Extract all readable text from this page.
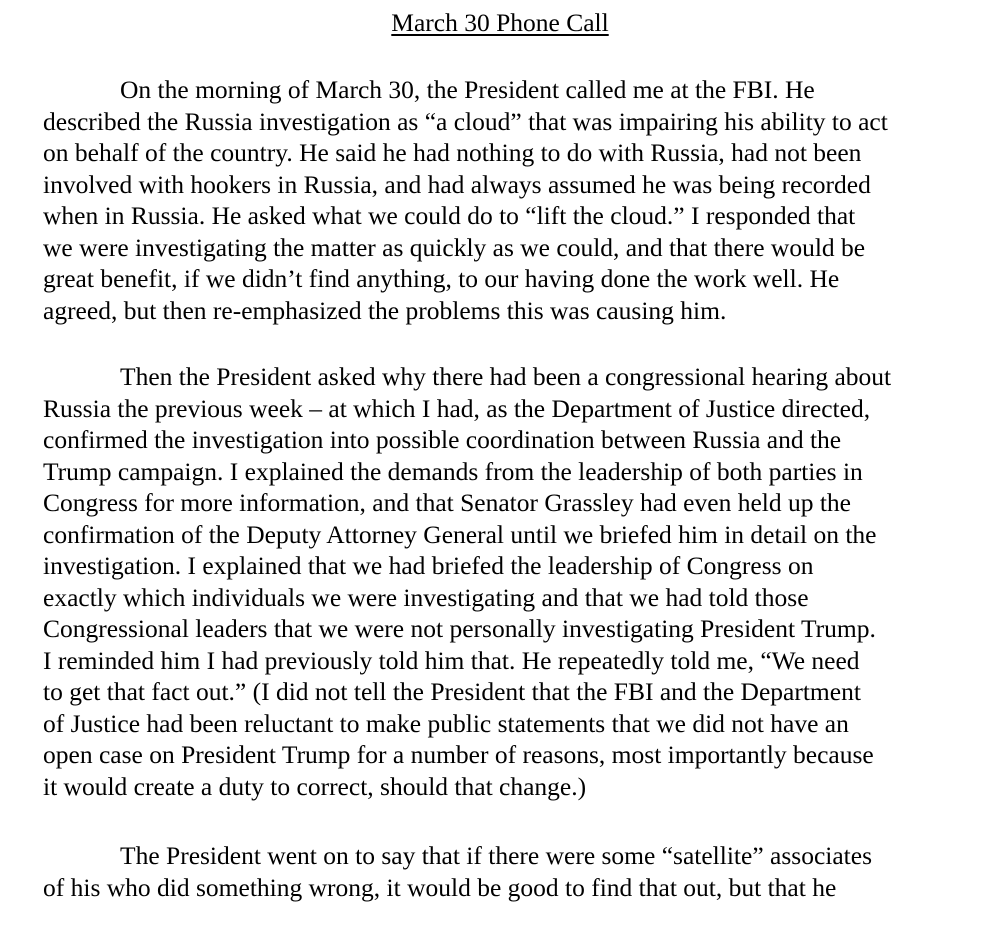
March 30 Phone Call

On the morning of March 30, the President called me at the FBI. He
described the Russia investigation as “a cloud” that was impairing his ability to act
on behalf of the country. He said he had nothing to do with Russia, had not been
involved with hookers in Russia, and had always assumed he was being recorded
when in Russia. He asked what we could do to “lift the cloud.” I responded that
we were investigating the matter as quickly as we could, and that there would be
great benefit, if we didn’t find anything, to our having done the work well. He
agreed, but then re-emphasized the problems this was causing him.

Then the President asked why there had been a congressional hearing about
Russia the previous week – at which I had, as the Department of Justice directed,
confirmed the investigation into possible coordination between Russia and the
Trump campaign. I explained the demands from the leadership of both parties in
Congress for more information, and that Senator Grassley had even held up the
confirmation of the Deputy Attorney General until we briefed him in detail on the
investigation. I explained that we had briefed the leadership of Congress on
exactly which individuals we were investigating and that we had told those
Congressional leaders that we were not personally investigating President Trump.
I reminded him I had previously told him that. He repeatedly told me, “We need
to get that fact out.” (I did not tell the President that the FBI and the Department
of Justice had been reluctant to make public statements that we did not have an
open case on President Trump for a number of reasons, most importantly because
it would create a duty to correct, should that change.)

The President went on to say that if there were some “satellite” associates
of his who did something wrong, it would be good to find that out, but that he
